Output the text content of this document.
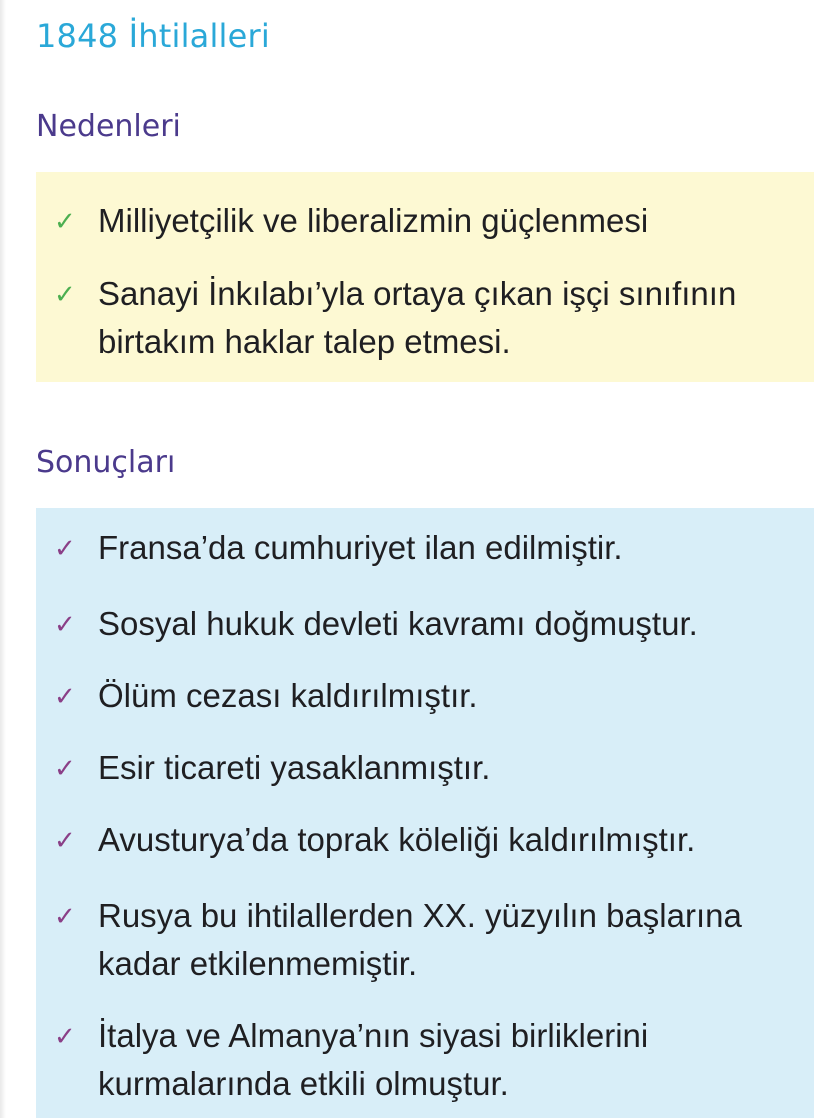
1848 İhtilalleri
Nedenleri
✓ Milliyetçilik ve liberalizmin güçlenmesi
✓ Sanayi İnkılabı’yla ortaya çıkan işçi sınıfının birtakım haklar talep etmesi.
Sonuçları
✓ Fransa’da cumhuriyet ilan edilmiştir.
✓ Sosyal hukuk devleti kavramı doğmuştur.
✓ Ölüm cezası kaldırılmıştır.
✓ Esir ticareti yasaklanmıştır.
✓ Avusturya’da toprak köleliği kaldırılmıştır.
✓ Rusya bu ihtilallerden XX. yüzyılın başlarına kadar etkilenmemiştir.
✓ İtalya ve Almanya’nın siyasi birliklerini kurmalarında etkili olmuştur.
